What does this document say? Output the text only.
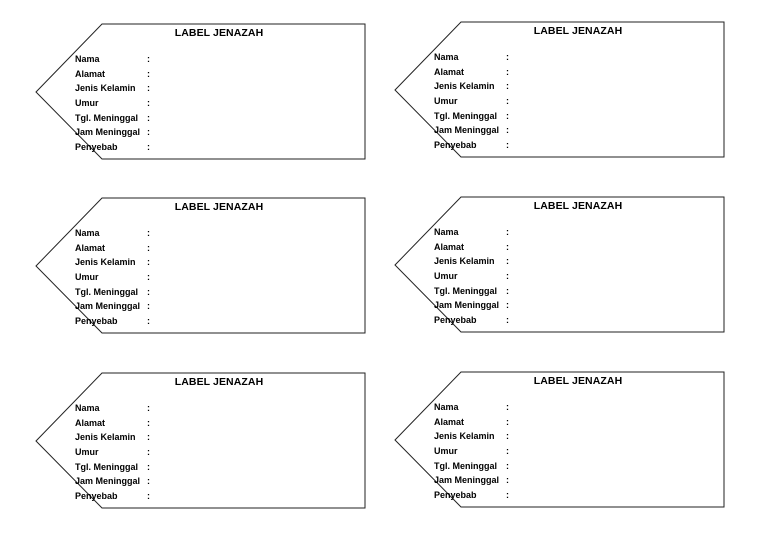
LABEL JENAZAH
Nama	:
Alamat	:
Jenis Kelamin	:
Umur	:
Tgl. Meninggal	:
Jam Meninggal :
Penyebab	:
LABEL JENAZAH
Nama	:
Alamat	:
Jenis Kelamin	:
Umur	:
Tgl. Meninggal	:
Jam Meninggal :
Penyebab	:
LABEL JENAZAH
Nama	:
Alamat	:
Jenis Kelamin	:
Umur	:
Tgl. Meninggal	:
Jam Meninggal :
Penyebab	:
LABEL JENAZAH
Nama	:
Alamat	:
Jenis Kelamin	:
Umur	:
Tgl. Meninggal	:
Jam Meninggal :
Penyebab	:
LABEL JENAZAH
Nama	:
Alamat	:
Jenis Kelamin	:
Umur	:
Tgl. Meninggal	:
Jam Meninggal :
Penyebab	:
LABEL JENAZAH
Nama	:
Alamat	:
Jenis Kelamin	:
Umur	:
Tgl. Meninggal	:
Jam Meninggal :
Penyebab	:
